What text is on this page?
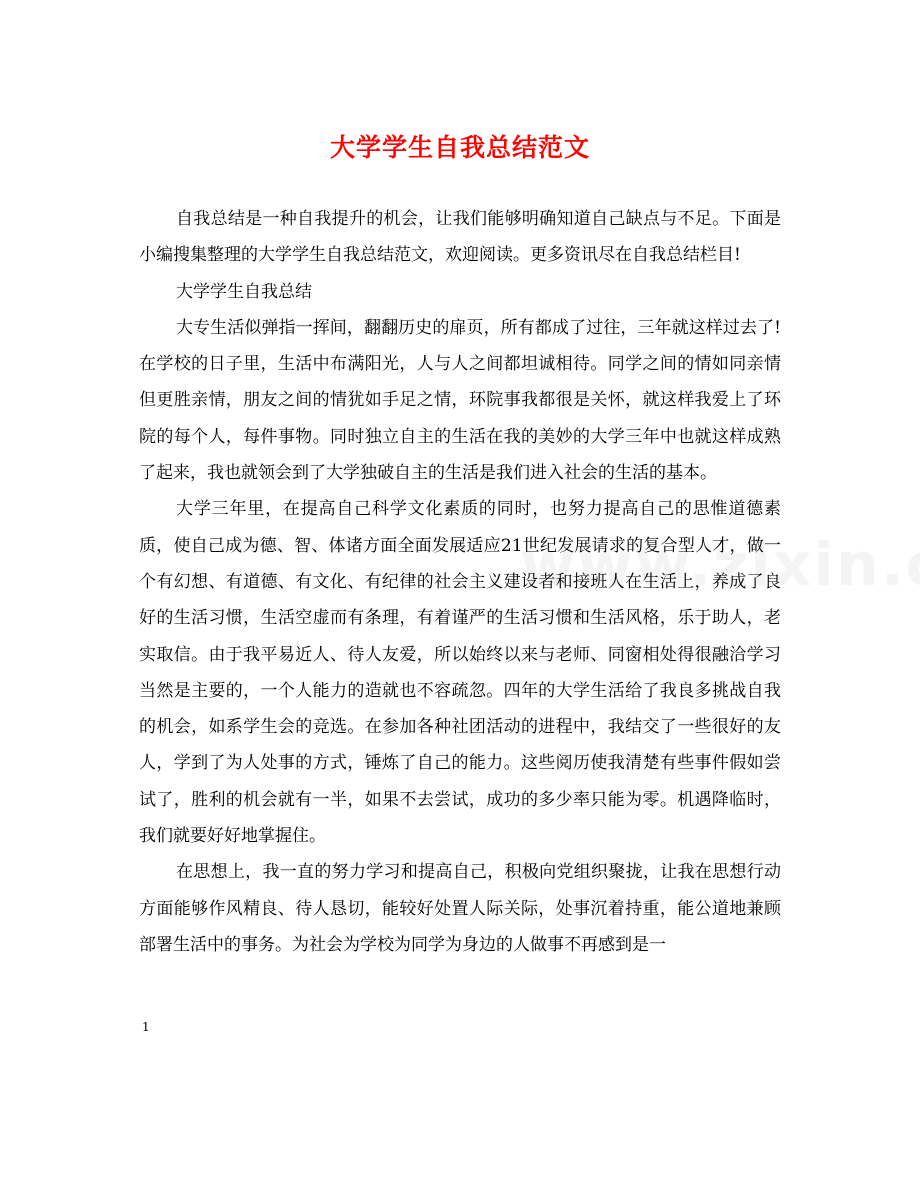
大学学生自我总结范文

自我总结是一种自我提升的机会，让我们能够明确知道自己缺点与不足。下面是小编搜集整理的大学学生自我总结范文，欢迎阅读。更多资讯尽在自我总结栏目!

大学学生自我总结

大专生活似弹指一挥间，翻翻历史的扉页，所有都成了过往，三年就这样过去了!　在学校的日子里，生活中布满阳光，人与人之间都坦诚相待。同学之间的情如同亲情但更胜亲情，朋友之间的情犹如手足之情，环院事我都很是关怀，就这样我爱上了环院的每个人，每件事物。同时独立自主的生活在我的美妙的大学三年中也就这样成熟了起来，我也就领会到了大学独破自主的生活是我们进入社会的生活的基本。

大学三年里，在提高自己科学文化素质的同时，也努力提高自己的思惟道德素质，使自己成为德、智、体诸方面全面发展适应21世纪发展请求的复合型人才，做一个有幻想、有道德、有文化、有纪律的社会主义建设者和接班人在生活上，养成了良好的生活习惯，生活空虚而有条理，有着谨严的生活习惯和生活风格，乐于助人，老实取信。由于我平易近人、待人友爱，所以始终以来与老师、同窗相处得很融洽学习当然是主要的，一个人能力的造就也不容疏忽。四年的大学生活给了我良多挑战自我的机会，如系学生会的竞选。在参加各种社团活动的进程中，我结交了一些很好的友人，学到了为人处事的方式，锤炼了自己的能力。这些阅历使我清楚有些事件假如尝试了，胜利的机会就有一半，如果不去尝试，成功的多少率只能为零。机遇降临时，我们就要好好地掌握住。

在思想上，我一直的努力学习和提高自己，积极向党组织聚拢，让我在思想行动方面能够作风精良、待人恳切，能较好处置人际关际，处事沉着持重，能公道地兼顾部署生活中的事务。为社会为学校为同学为身边的人做事不再感到是一

1
